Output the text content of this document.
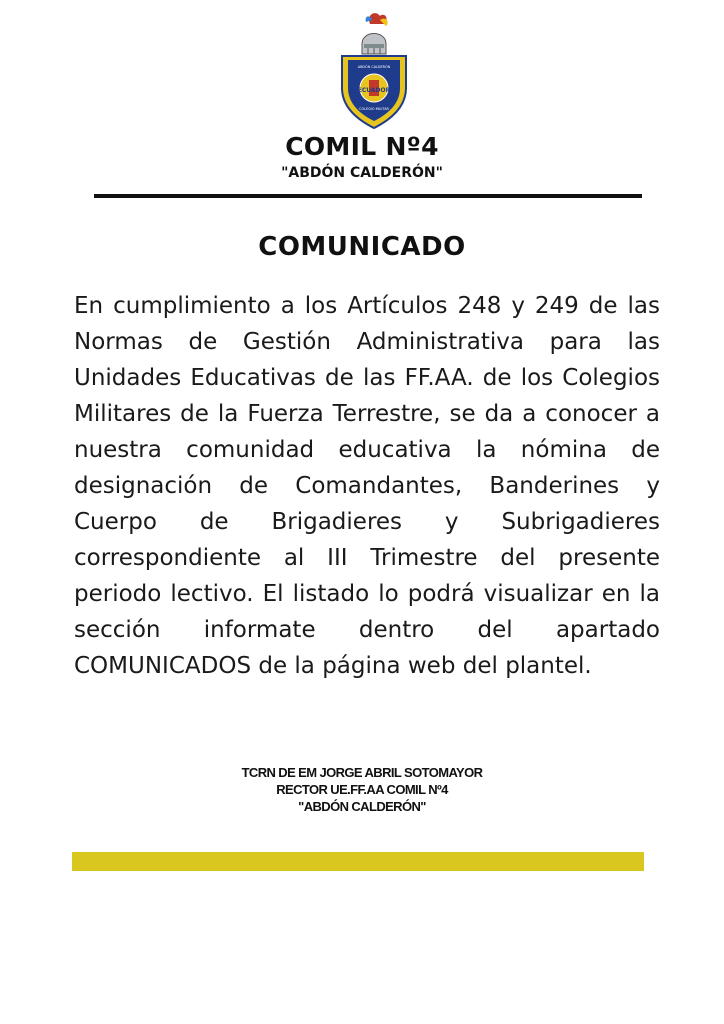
ECUADOR
ABDÓN CALDERÓN
COLEGIO MILITAR
COMIL Nº4
"ABDÓN CALDERÓN"
COMUNICADO

En cumplimiento a los Artículos 248 y 249 de las Normas de Gestión Administrativa para las Unidades Educativas de las FF.AA. de los Colegios Militares de la Fuerza Terrestre, se da a conocer a nuestra comunidad educativa la nómina de designación de Comandantes, Banderines y Cuerpo de Brigadieres y Subrigadieres correspondiente al III Trimestre del presente periodo lectivo. El listado lo podrá visualizar en la sección informate dentro del apartado COMUNICADOS de la página web del plantel.

TCRN DE EM JORGE ABRIL SOTOMAYOR
RECTOR UE.FF.AA COMIL Nº4
"ABDÓN CALDERÓN"
